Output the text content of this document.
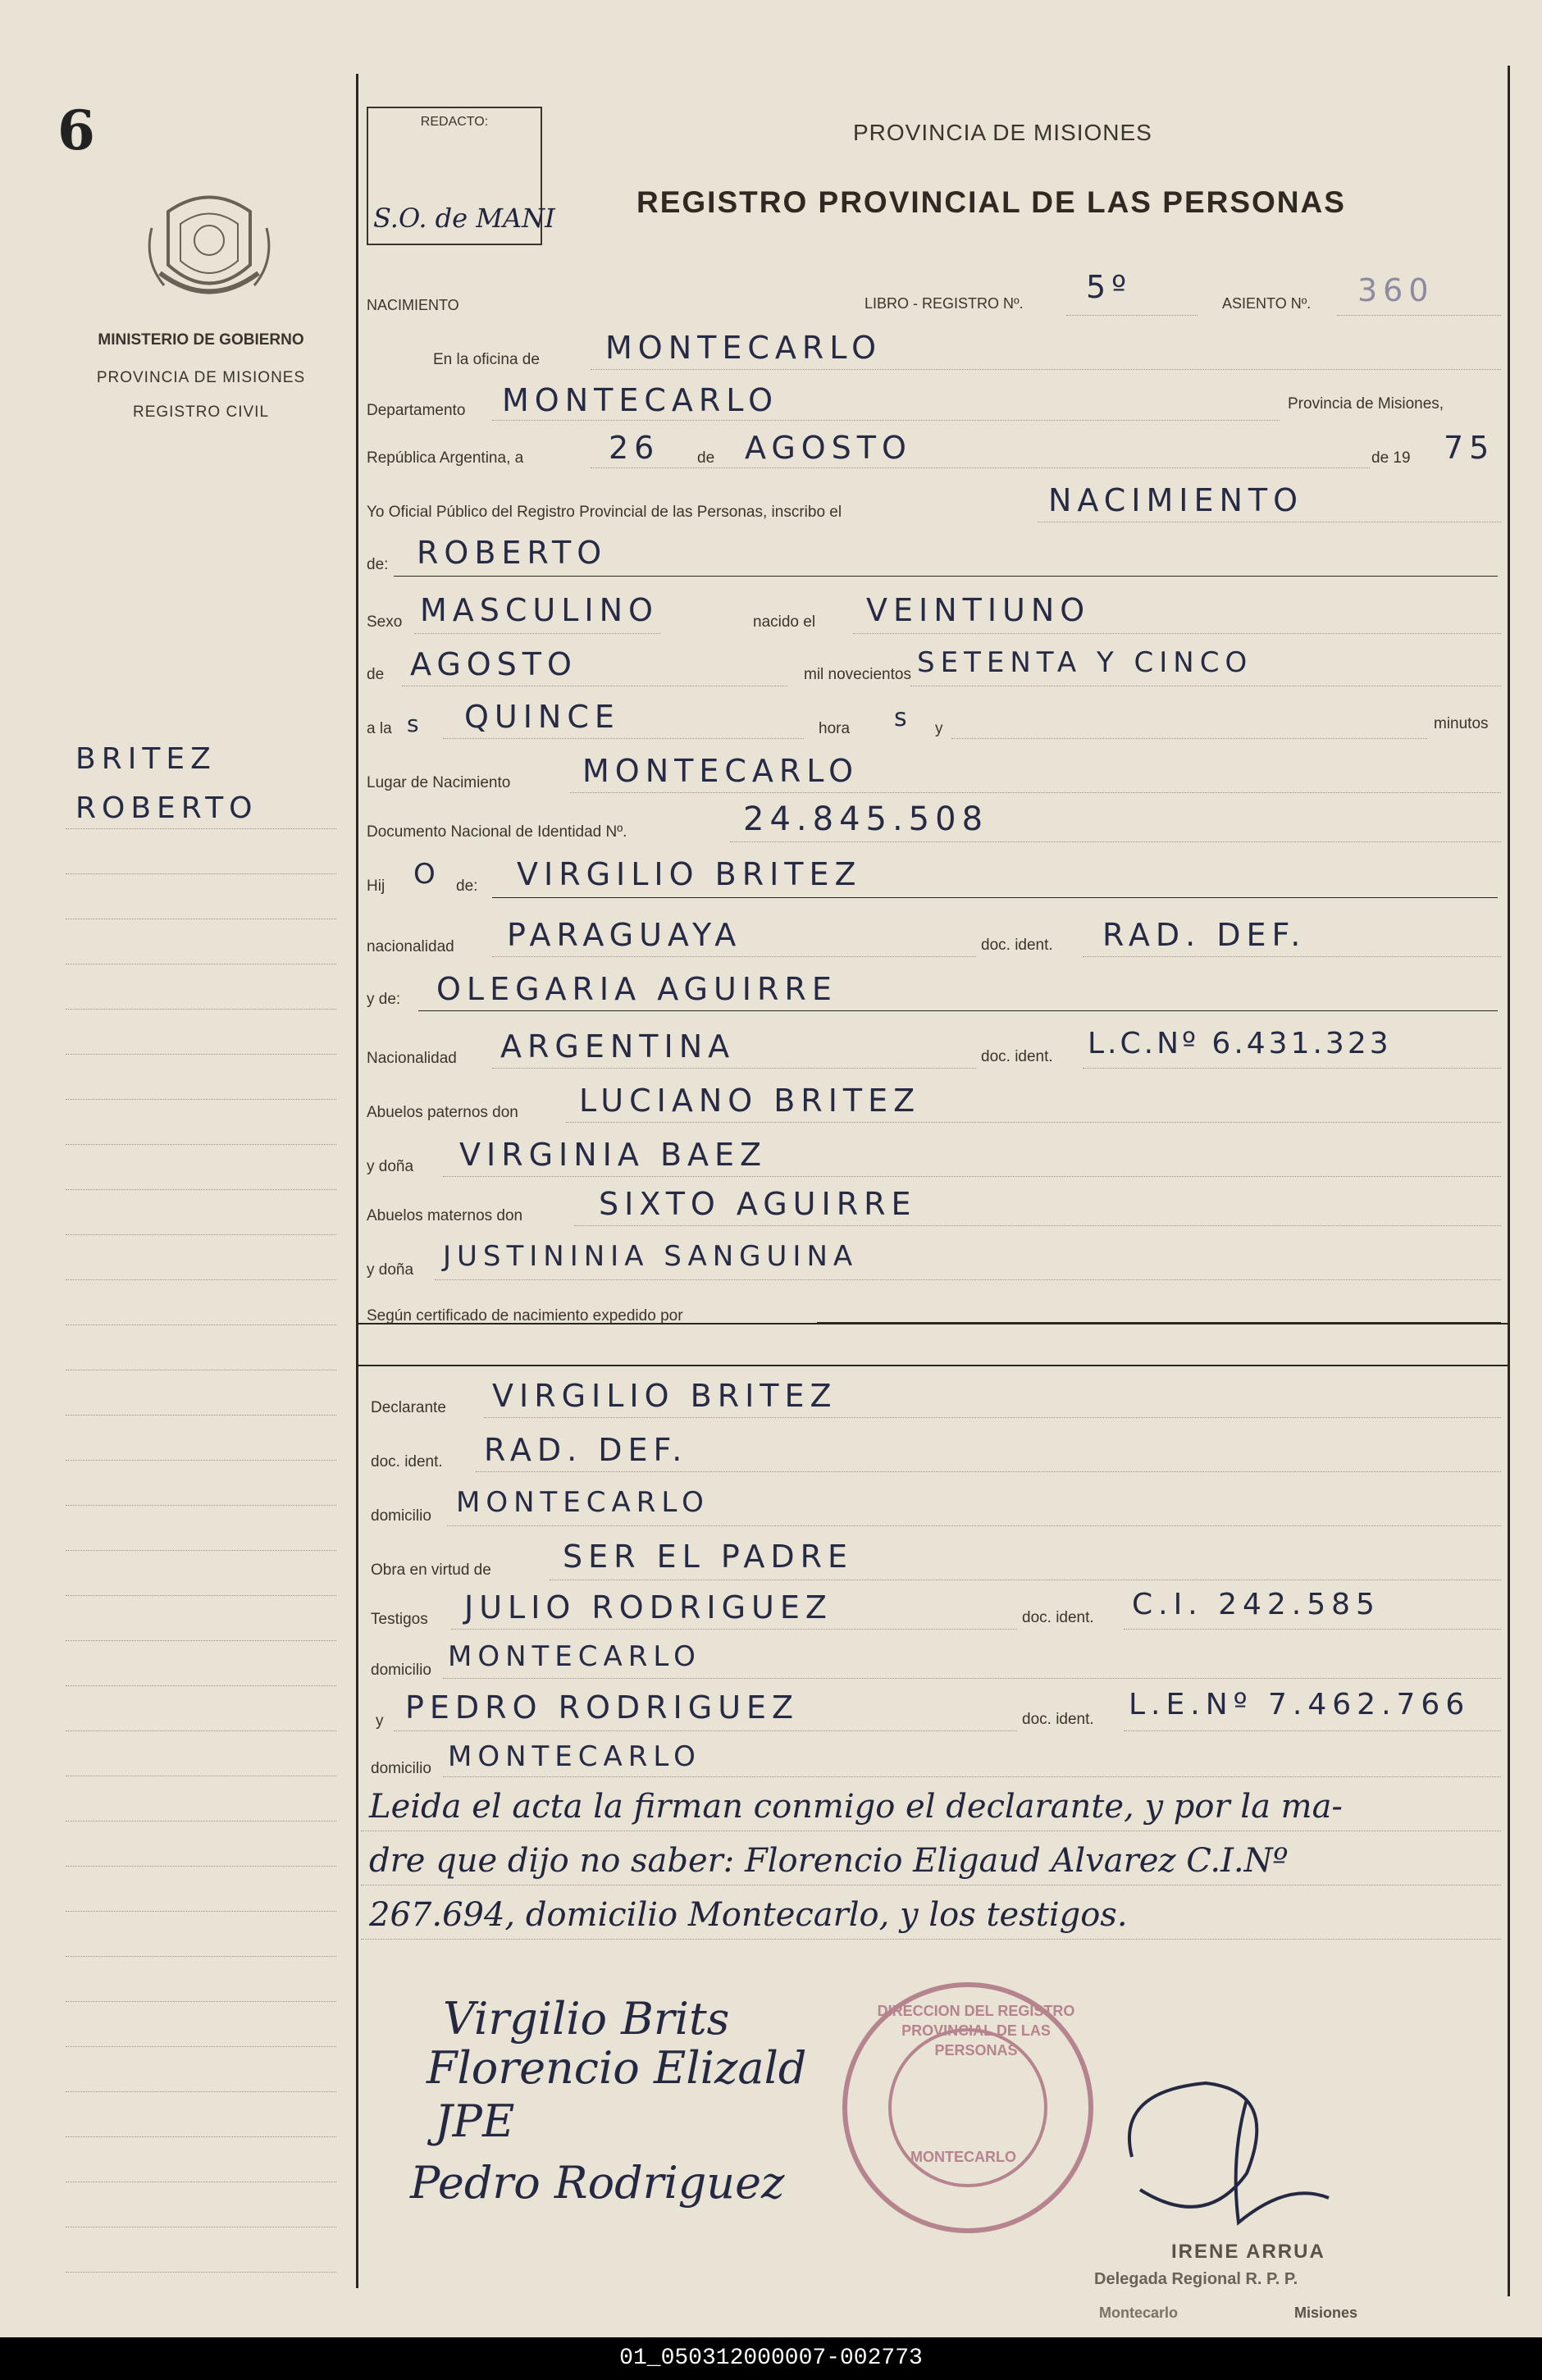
6
MINISTERIO DE GOBIERNO
PROVINCIA DE MISIONES
REGISTRO CIVIL
BRITEZ
ROBERTO
REDACTO:
S.O. de MANI
PROVINCIA DE MISIONES
REGISTRO PROVINCIAL DE LAS PERSONAS
NACIMIENTO	LIBRO - REGISTRO Nº. 5º	ASIENTO Nº. 360
En la oficina de MONTECARLO
Departamento MONTECARLO	Provincia de Misiones,
República Argentina, a	26 de AGOSTO	de 19 75
Yo Oficial Público del Registro Provincial de las Personas, inscribo el	NACIMIENTO
de: ROBERTO
Sexo MASCULINO	nacido el VEINTIUNO
de AGOSTO	mil novecientos SETENTA Y CINCO
a la s QUINCE	hora s y	minutos
Lugar de Nacimiento MONTECARLO
Documento Nacional de Identidad Nº.	24.845.508
Hij O de: VIRGILIO BRITEZ
nacionalidad PARAGUAYA	doc. ident. RAD. DEF.
y de: OLEGARIA AGUIRRE
Nacionalidad ARGENTINA	doc. ident. L.C.Nº 6.431.323
Abuelos paternos don LUCIANO BRITEZ
y doña VIRGINIA BAEZ
Abuelos maternos don SIXTO AGUIRRE
y doña JUSTININIA SANGUINA
Según certificado de nacimiento expedido por
Declarante VIRGILIO BRITEZ
doc. ident. RAD. DEF.
domicilio MONTECARLO
Obra en virtud de SER EL PADRE
Testigos JULIO RODRIGUEZ	doc. ident. C.I. 242.585
domicilio MONTECARLO
y PEDRO RODRIGUEZ	doc. ident. L.E.Nº 7.462.766
domicilio MONTECARLO
Leida el acta la firman conmigo el declarante, y por la ma-
dre que dijo no saber: Florencio Eligaud Alvarez C.I.Nº
267.694, domicilio Montecarlo, y los testigos.
Virgilio Brits
Florencio Elizald
JPE
Pedro Rodriguez
DIRECCION DEL REGISTRO PROVINCIAL DE LAS PERSONAS
MONTECARLO
IRENE ARRUA
Delegada Regional R. P. P.
Montecarlo	Misiones
01_050312000007-002773
